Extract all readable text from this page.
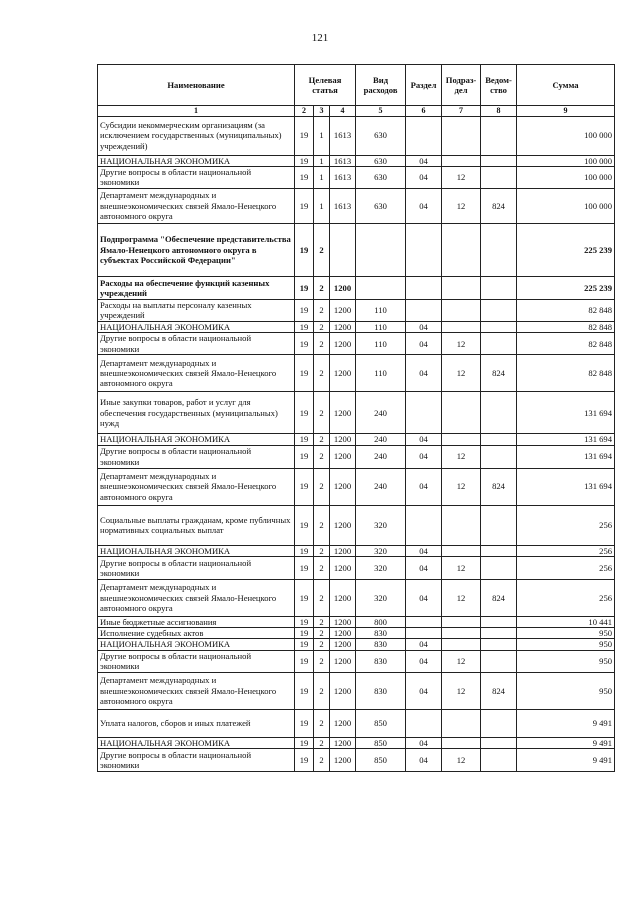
121
Наименование	Целевая статья			Вид расходов	Раздел	Подраз-дел	Ведом-ство	Сумма
1	2	3	4	5	6	7	8	9
Субсидии некоммерческим организациям (за исключением государственных (муниципальных) учреждений)	19	1	1613	630				100 000
НАЦИОНАЛЬНАЯ ЭКОНОМИКА	19	1	1613	630	04			100 000
Другие вопросы в области национальной экономики	19	1	1613	630	04	12		100 000
Департамент международных и внешнеэкономических связей Ямало-Ненецкого автономного округа	19	1	1613	630	04	12	824	100 000
Подпрограмма "Обеспечение представительства Ямало-Ненецкого автономного округа в субъектах Российской Федерации"	19	2						225 239
Расходы на обеспечение функций казенных учреждений	19	2	1200					225 239
Расходы на выплаты персоналу казенных учреждений	19	2	1200	110				82 848
НАЦИОНАЛЬНАЯ ЭКОНОМИКА	19	2	1200	110	04			82 848
Другие вопросы в области национальной экономики	19	2	1200	110	04	12		82 848
Департамент международных и внешнеэкономических связей Ямало-Ненецкого автономного округа	19	2	1200	110	04	12	824	82 848
Иные закупки товаров, работ и услуг для обеспечения государственных (муниципальных) нужд	19	2	1200	240				131 694
НАЦИОНАЛЬНАЯ ЭКОНОМИКА	19	2	1200	240	04			131 694
Другие вопросы в области национальной экономики	19	2	1200	240	04	12		131 694
Департамент международных и внешнеэкономических связей Ямало-Ненецкого автономного округа	19	2	1200	240	04	12	824	131 694
Социальные выплаты гражданам, кроме публичных нормативных социальных выплат	19	2	1200	320				256
НАЦИОНАЛЬНАЯ ЭКОНОМИКА	19	2	1200	320	04			256
Другие вопросы в области национальной экономики	19	2	1200	320	04	12		256
Департамент международных и внешнеэкономических связей Ямало-Ненецкого автономного округа	19	2	1200	320	04	12	824	256
Иные бюджетные ассигнования	19	2	1200	800				10 441
Исполнение судебных актов	19	2	1200	830				950
НАЦИОНАЛЬНАЯ ЭКОНОМИКА	19	2	1200	830	04			950
Другие вопросы в области национальной экономики	19	2	1200	830	04	12		950
Департамент международных и внешнеэкономических связей Ямало-Ненецкого автономного округа	19	2	1200	830	04	12	824	950
Уплата налогов, сборов и иных платежей	19	2	1200	850				9 491
НАЦИОНАЛЬНАЯ ЭКОНОМИКА	19	2	1200	850	04			9 491
Другие вопросы в области национальной экономики	19	2	1200	850	04	12		9 491
